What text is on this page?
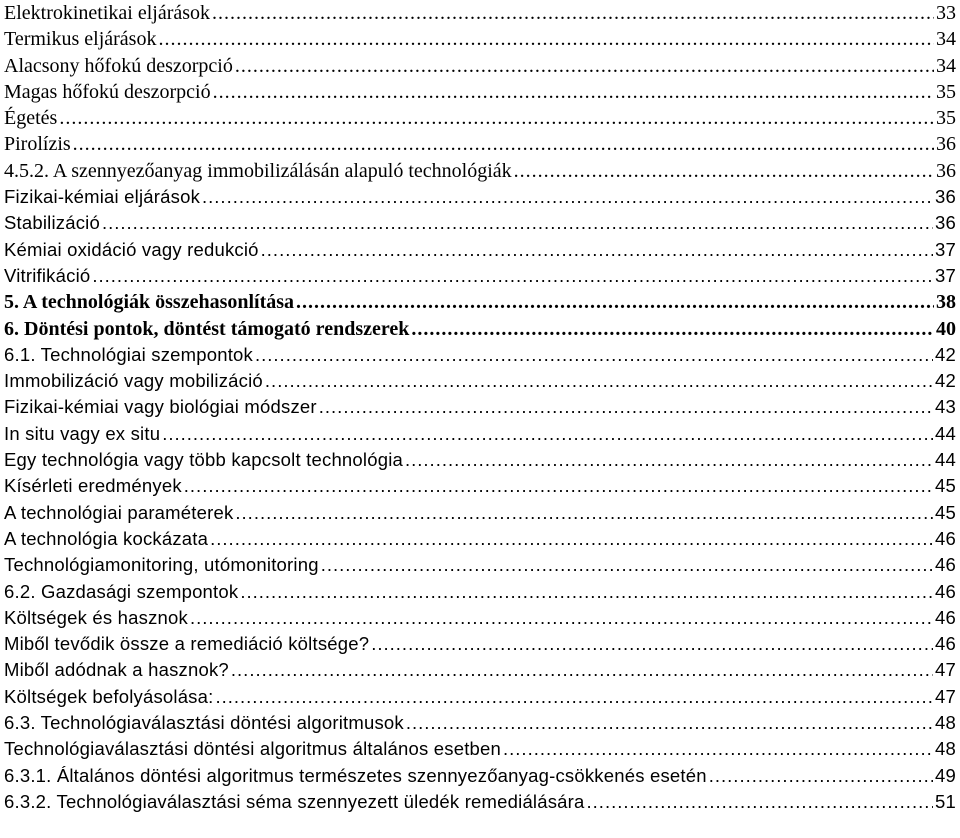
Elektrokinetikai eljárások .....	33
Termikus eljárások .....	34
Alacsony hőfokú deszorpció .....	34
Magas hőfokú deszorpció .....	35
Égetés .....	35
Pirolízis .....	36
4.5.2. A szennyezőanyag immobilizálásán alapuló technológiák .....	36
Fizikai-kémiai eljárások .....	36
Stabilizáció .....	36
Kémiai oxidáció vagy redukció .....	37
Vitrifikáció .....	37
5. A technológiák összehasonlítása .....	38
6. Döntési pontok, döntést támogató rendszerek .....	40
6.1. Technológiai szempontok .....	42
Immobilizáció vagy mobilizáció .....	42
Fizikai-kémiai vagy biológiai módszer .....	43
In situ vagy ex situ .....	44
Egy technológia vagy több kapcsolt technológia .....	44
Kísérleti eredmények .....	45
A technológiai paraméterek .....	45
A technológia kockázata .....	46
Technológiamonitoring, utómonitoring .....	46
6.2. Gazdasági szempontok .....	46
Költségek és hasznok .....	46
Miből tevődik össze a remediáció költsége? .....	46
Miből adódnak a hasznok? .....	47
Költségek befolyásolása: .....	47
6.3. Technológiaválasztási döntési algoritmusok .....	48
Technológiaválasztási döntési algoritmus általános esetben .....	48
6.3.1. Általános döntési algoritmus természetes szennyezőanyag-csökkenés esetén .....	49
6.3.2. Technológiaválasztási séma szennyezett üledék remediálására .....	51
